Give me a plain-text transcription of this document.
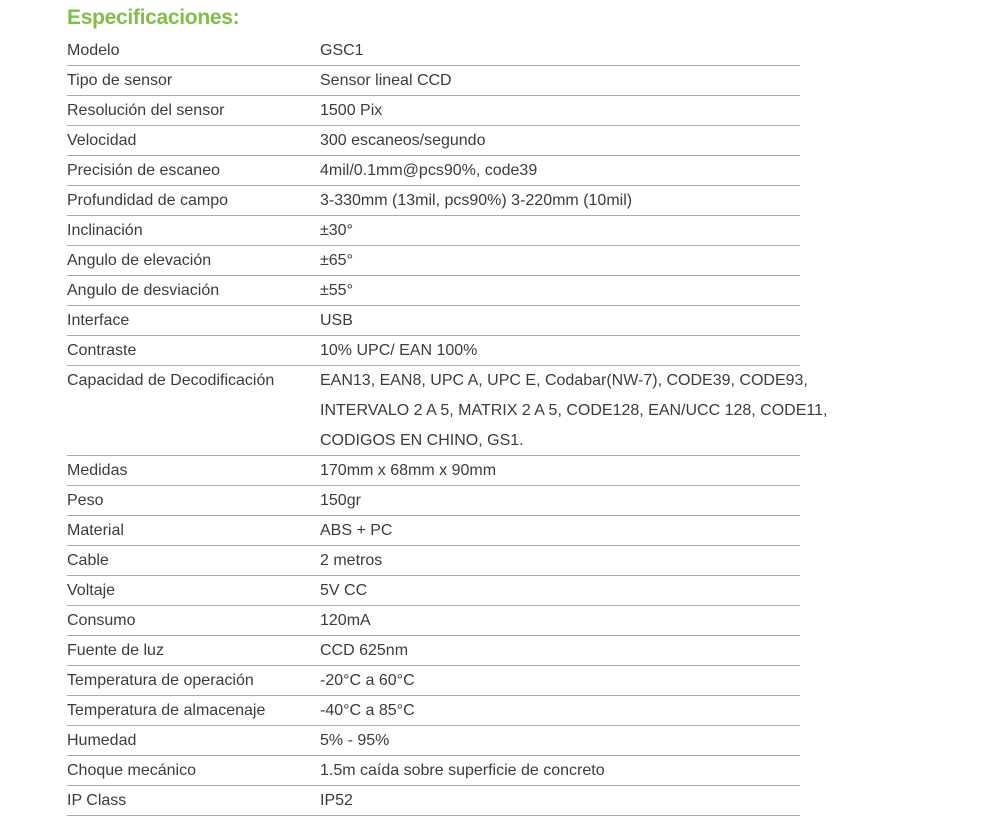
Especificaciones:
Modelo	GSC1
Tipo de sensor	Sensor lineal CCD
Resolución del sensor	1500 Pix
Velocidad	300 escaneos/segundo
Precisión de escaneo	4mil/0.1mm@pcs90%, code39
Profundidad de campo	3-330mm (13mil, pcs90%) 3-220mm (10mil)
Inclinación	±30°
Angulo de elevación	±65°
Angulo de desviación	±55°
Interface	USB
Contraste	10% UPC/ EAN 100%
Capacidad de Decodificación	EAN13, EAN8, UPC A, UPC E, Codabar(NW-7), CODE39, CODE93,
INTERVALO 2 A 5, MATRIX 2 A 5, CODE128, EAN/UCC 128, CODE11,
CODIGOS EN CHINO, GS1.
Medidas	170mm x 68mm x 90mm
Peso	150gr
Material	ABS + PC
Cable	2 metros
Voltaje	5V CC
Consumo	120mA
Fuente de luz	CCD 625nm
Temperatura de operación	-20°C a 60°C
Temperatura de almacenaje	-40°C a 85°C
Humedad	5% - 95%
Choque mecánico	1.5m caída sobre superficie de concreto
IP Class	IP52
